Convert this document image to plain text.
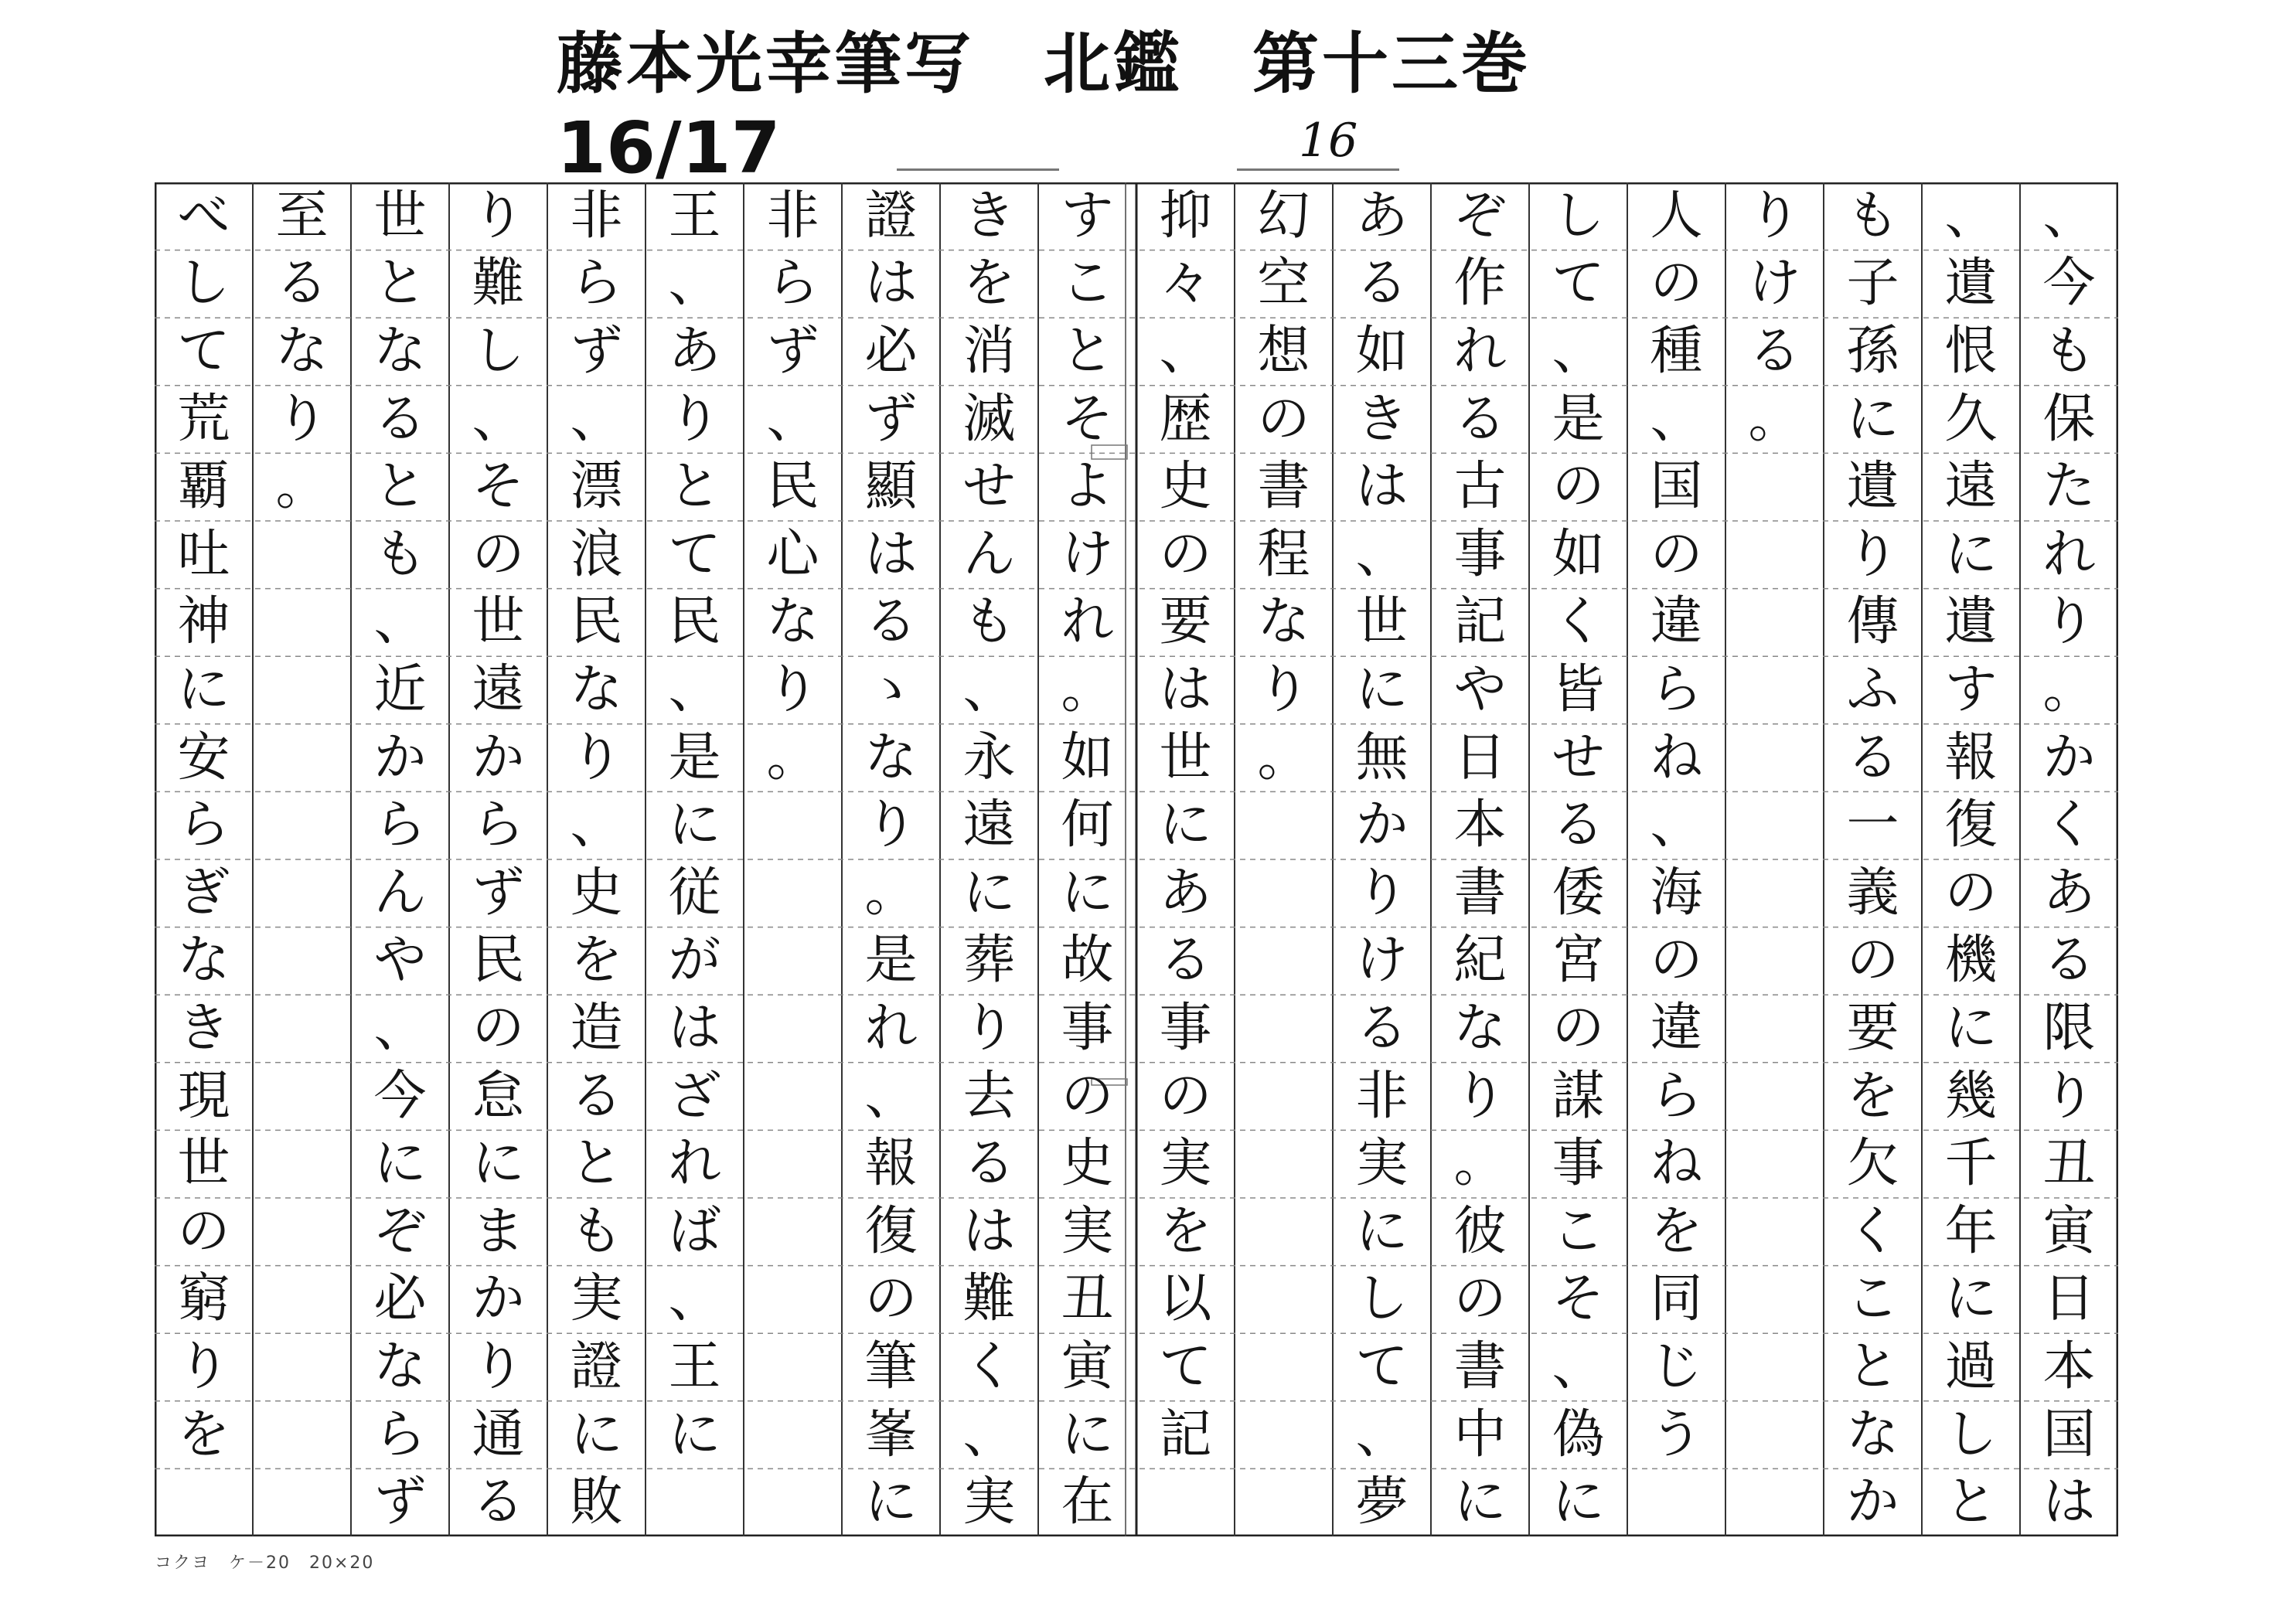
藤本光幸筆写　北鑑　第十三巻
16/17	16
、
今
も
保
た
れ
り
。
か
く
あ
る
限
り
丑
寅
日
本
国
は
、
遺
恨
久
遠
に
遺
す
報
復
の
機
に
幾
千
年
に
過
し
と
も
子
孫
に
遺
り
傳
ふ
る
一
義
の
要
を
欠
く
こ
と
な
か
り
け
る
。
人
の
種
、
国
の
違
ら
ね
、
海
の
違
ら
ね
を
同
じ
う
し
て
、
是
の
如
く
皆
せ
る
倭
宮
の
謀
事
こ
そ
、
偽
に
ぞ
作
れ
る
古
事
記
や
日
本
書
紀
な
り
。
彼
の
書
中
に
あ
る
如
き
は
、
世
に
無
か
り
け
る
非
実
に
し
て
、
夢
幻
空
想
の
書
程
な
り
。
抑
々
、
歴
史
の
要
は
世
に
あ
る
事
の
実
を
以
て
記
す
こ
と
そ
よ
け
れ
。
如
何
に
故
事
の
史
実
丑
寅
に
在
き
を
消
滅
せ
ん
も
、
永
遠
に
葬
り
去
る
は
難
く
、
実
證
は
必
ず
顯
は
る
ゝ
な
り
。
是
れ
、
報
復
の
筆
峯
に
非
ら
ず
、
民
心
な
り
。
王
、
あ
り
と
て
民
、
是
に
従
が
は
ざ
れ
ば
、
王
に
非
ら
ず
、
漂
浪
民
な
り
、
史
を
造
る
と
も
実
證
に
敗
り
難
し
、
そ
の
世
遠
か
ら
ず
民
の
怠
に
ま
か
り
通
る
世
と
な
る
と
も
、
近
か
ら
ん
や
、
今
に
ぞ
必
な
ら
ず
至
る
な
り
。
べ
し
て
荒
覇
吐
神
に
安
ら
ぎ
な
き
現
世
の
窮
り
を
コクヨ　ケ－20　20×20
